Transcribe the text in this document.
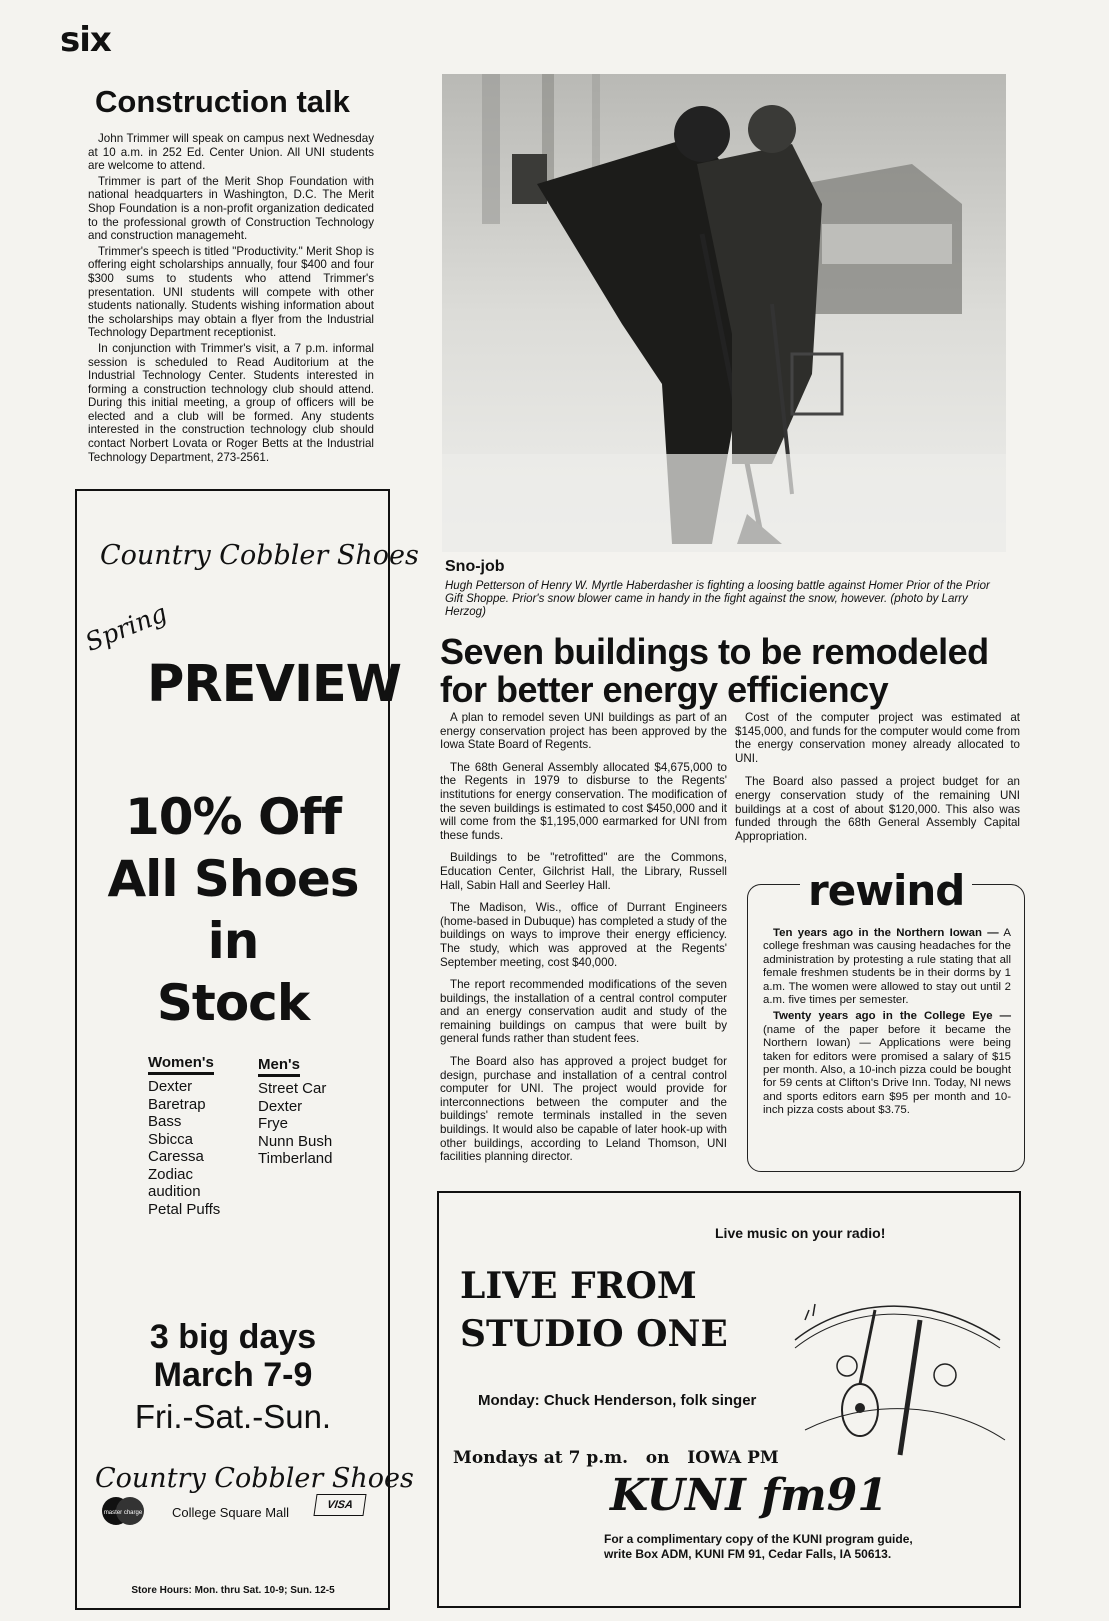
six
Construction talk

John Trimmer will speak on campus next Wednesday at 10 a.m. in 252 Ed. Center Union. All UNI students are welcome to attend.

Trimmer is part of the Merit Shop Foundation with national headquarters in Washington, D.C. The Merit Shop Foundation is a non-profit organization dedicated to the professional growth of Construction Technology and construction managemeht.

Trimmer's speech is titled "Productivity." Merit Shop is offering eight scholarships annually, four $400 and four $300 sums to students who attend Trimmer's presentation. UNI students will compete with other students nationally. Students wishing information about the scholarships may obtain a flyer from the Industrial Technology Department receptionist.

In conjunction with Trimmer's visit, a 7 p.m. informal session is scheduled to Read Auditorium at the Industrial Technology Center. Students interested in forming a construction technology club should attend. During this initial meeting, a group of officers will be elected and a club will be formed. Any students interested in the construction technology club should contact Norbert Lovata or Roger Betts at the Industrial Technology Department, 273-2561.

Sno-job
Hugh Petterson of Henry W. Myrtle Haberdasher is fighting a loosing battle against Homer Prior of the Prior Gift Shoppe. Prior's snow blower came in handy in the fight against the snow, however. (photo by Larry Herzog)
Seven buildings to be remodeled for better energy efficiency

A plan to remodel seven UNI buildings as part of an energy conservation project has been approved by the Iowa State Board of Regents.

The 68th General Assembly allocated $4,675,000 to the Regents in 1979 to disburse to the Regents' institutions for energy conservation. The modification of the seven buildings is estimated to cost $450,000 and it will come from the $1,195,000 earmarked for UNI from these funds.

Buildings to be "retrofitted" are the Commons, Education Center, Gilchrist Hall, the Library, Russell Hall, Sabin Hall and Seerley Hall.

The Madison, Wis., office of Durrant Engineers (home-based in Dubuque) has completed a study of the buildings on ways to improve their energy efficiency. The study, which was approved at the Regents' September meeting, cost $40,000.

The report recommended modifications of the seven buildings, the installation of a central control computer and an energy conservation audit and study of the remaining buildings on campus that were built by general funds rather than student fees.

The Board also has approved a project budget for design, purchase and installation of a central control computer for UNI. The project would provide for interconnections between the computer and the buildings' remote terminals installed in the seven buildings. It would also be capable of later hook-up with other buildings, according to Leland Thomson, UNI facilities planning director.

Cost of the computer project was estimated at $145,000, and funds for the computer would come from the energy conservation money already allocated to UNI.

The Board also passed a project budget for an energy conservation study of the remaining UNI buildings at a cost of about $120,000. This also was funded through the 68th General Assembly Capital Appropriation.

rewind

Ten years ago in the Northern Iowan — A college freshman was causing headaches for the administration by protesting a rule stating that all female freshmen students be in their dorms by 1 a.m. The women were allowed to stay out until 2 a.m. five times per semester.

Twenty years ago in the College Eye — (name of the paper before it became the Northern Iowan) — Applications were being taken for editors were promised a salary of $15 per month. Also, a 10-inch pizza could be bought for 59 cents at Clifton's Drive Inn. Today, NI news and sports editors earn $95 per month and 10-inch pizza costs about $3.75.

Country Cobbler Shoes
Spring
PREVIEW
10% Off
All Shoes in
Stock
Women's
Dexter
Baretrap
Bass
Sbicca
Caressa
Zodiac
audition
Petal Puffs
Men's
Street Car
Dexter
Frye
Nunn Bush
Timberland
3 big days
March 7-9
Fri.-Sat.-Sun.
Country Cobbler Shoes
master charge College Square Mall	VISA
Store Hours: Mon. thru Sat. 10-9; Sun. 12-5
Live music on your radio!
LIVE FROM
STUDIO ONE
Monday: Chuck Henderson, folk singer
Mondays at 7 p.m.   on   IOWA PM
KUNI fm91
For a complimentary copy of the KUNI program guide, write Box ADM, KUNI FM 91, Cedar Falls, IA 50613.
